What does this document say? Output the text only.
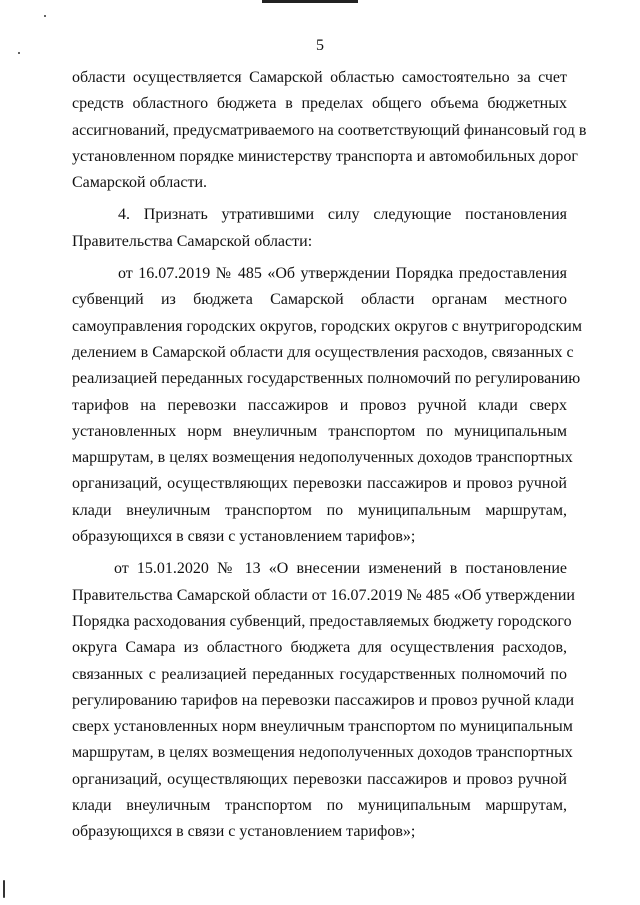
5
области осуществляется Самарской областью самостоятельно за счет
средств областного бюджета в пределах общего объема бюджетных
ассигнований, предусматриваемого на соответствующий финансовый год в
установленном порядке министерству транспорта и автомобильных дорог
Самарской области.
4. Признать утратившими силу следующие постановления
Правительства Самарской области:
от 16.07.2019 № 485 «Об утверждении Порядка предоставления
субвенций из бюджета Самарской области органам местного
самоуправления городских округов, городских округов с внутригородским
делением в Самарской области для осуществления расходов, связанных с
реализацией переданных государственных полномочий по регулированию
тарифов на перевозки пассажиров и провоз ручной клади сверх
установленных норм внеуличным транспортом по муниципальным
маршрутам, в целях возмещения недополученных доходов транспортных
организаций, осуществляющих перевозки пассажиров и провоз ручной
клади внеуличным транспортом по муниципальным маршрутам,
образующихся в связи с установлением тарифов»;
от 15.01.2020 № 13 «О внесении изменений в постановление
Правительства Самарской области от 16.07.2019 № 485 «Об утверждении
Порядка расходования субвенций, предоставляемых бюджету городского
округа Самара из областного бюджета для осуществления расходов,
связанных с реализацией переданных государственных полномочий по
регулированию тарифов на перевозки пассажиров и провоз ручной клади
сверх установленных норм внеуличным транспортом по муниципальным
маршрутам, в целях возмещения недополученных доходов транспортных
организаций, осуществляющих перевозки пассажиров и провоз ручной
клади внеуличным транспортом по муниципальным маршрутам,
образующихся в связи с установлением тарифов»;
